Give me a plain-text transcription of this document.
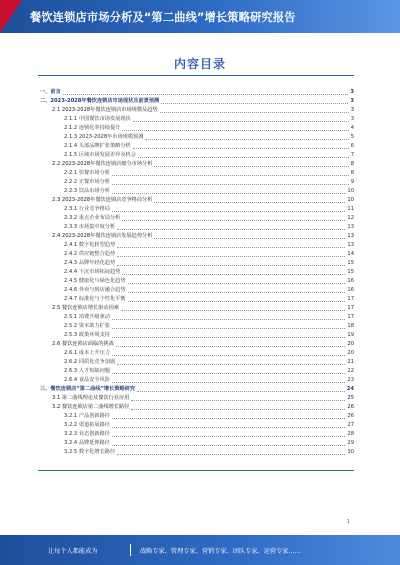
餐饮连锁店市场分析及“第二曲线”增长策略研究报告
内容目录
一、前言	3
二、2023-2028年餐饮连锁店市场现状及前景预测	3
2.1 2023-2028年餐饮连锁店市场规模及趋势	3
2.1.1 中国餐饮市场发展现状	3
2.1.2 连锁化率持续提升	4
2.1.3 2023-2028年市场规模预测	5
2.1.4 头部品牌扩张策略分析	6
2.1.5 区域市场发展差异及机会	7
2.2 2023-2028年餐饮连锁店细分市场分析	8
2.2.1 快餐市场分析	8
2.2.2 正餐市场分析	9
2.2.3 饮品市场分析	10
2.3 2023-2028年餐饮连锁店竞争格局分析	10
2.3.1 行业竞争格局	11
2.3.2 重点企业布局分析	12
2.3.3 市场集中度分析	13
2.4 2023-2028年餐饮连锁店发展趋势分析	13
2.4.1 数字化转型趋势	13
2.4.2 供应链整合趋势	14
2.4.3 品牌年轻化趋势	15
2.4.4 下沉市场拓展趋势	15
2.4.5 健康化与绿色化趋势	16
2.4.6 外卖与到店融合趋势	16
2.4.7 标准化与个性化平衡	17
2.5 餐饮连锁店增长驱动因素	17
2.5.1 消费升级驱动	17
2.5.2 资本助力扩张	18
2.5.3 政策环境支持	19
2.6 餐饮连锁店面临的挑战	20
2.6.1 成本上升压力	20
2.6.2 同质化竞争加剧	21
2.6.3 人才短缺问题	22
2.6.4 食品安全风险	23
三、餐饮连锁店“第二曲线”增长策略研究	24
3.1 第二曲线理论及餐饮行业应用	25
3.2 餐饮连锁店第二曲线增长路径	26
3.2.1 产品创新路径	26
3.2.2 渠道拓展路径	27
3.2.3 业态创新路径	28
3.2.4 品牌延伸路径	29
3.2.5 数字化增长路径	30
1
让每个人都能成为	战略专家、管理专家、营销专家、团队专家、运营专家……
